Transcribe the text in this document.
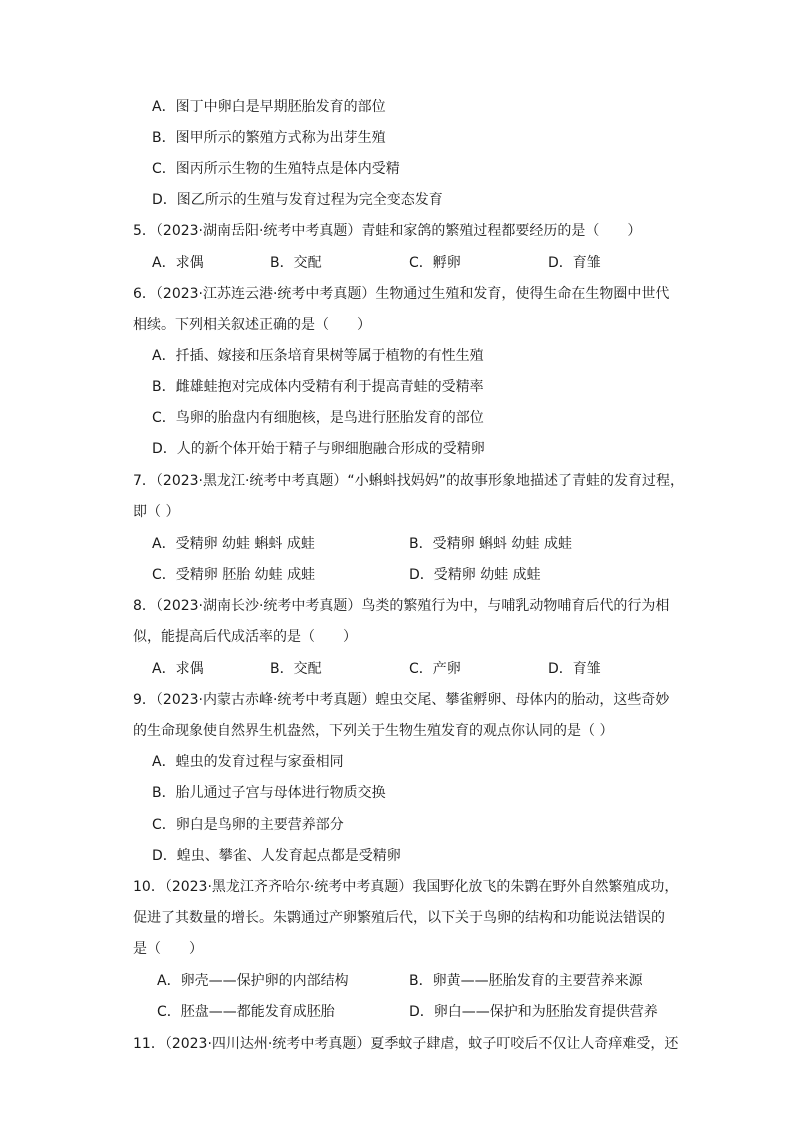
A．图丁中卵白是早期胚胎发育的部位
B．图甲所示的繁殖方式称为出芽生殖
C．图丙所示生物的生殖特点是体内受精
D．图乙所示的生殖与发育过程为完全变态发育
5．（2023·湖南岳阳·统考中考真题）青蛙和家鸽的繁殖过程都要经历的是（　　）
A．求偶	B．交配	C．孵卵	D．育雏
6．（2023·江苏连云港·统考中考真题）生物通过生殖和发育，使得生命在生物圈中世代
相续。下列相关叙述正确的是（　　）
A．扦插、嫁接和压条培育果树等属于植物的有性生殖
B．雌雄蛙抱对完成体内受精有利于提高青蛙的受精率
C．鸟卵的胎盘内有细胞核，是鸟进行胚胎发育的部位
D．人的新个体开始于精子与卵细胞融合形成的受精卵
7．（2023·黑龙江·统考中考真题）“小蝌蚪找妈妈”的故事形象地描述了青蛙的发育过程，
即（ ）
A．受精卵 幼蛙 蝌蚪 成蛙	B．受精卵 蝌蚪 幼蛙 成蛙
C．受精卵 胚胎 幼蛙 成蛙	D．受精卵 幼蛙 成蛙
8．（2023·湖南长沙·统考中考真题）鸟类的繁殖行为中，与哺乳动物哺育后代的行为相
似，能提高后代成活率的是（　　）
A．求偶	B．交配	C．产卵	D．育雏
9．（2023·内蒙古赤峰·统考中考真题）蝗虫交尾、攀雀孵卵、母体内的胎动，这些奇妙
的生命现象使自然界生机盎然，下列关于生物生殖发育的观点你认同的是（ ）
A．蝗虫的发育过程与家蚕相同
B．胎儿通过子宫与母体进行物质交换
C．卵白是鸟卵的主要营养部分
D．蝗虫、攀雀、人发育起点都是受精卵
10．（2023·黑龙江齐齐哈尔·统考中考真题）我国野化放飞的朱鹮在野外自然繁殖成功，
促进了其数量的增长。朱鹮通过产卵繁殖后代，以下关于鸟卵的结构和功能说法错误的
是（　　）
A．卵壳——保护卵的内部结构	B．卵黄——胚胎发育的主要营养来源
C．胚盘——都能发育成胚胎	D．卵白——保护和为胚胎发育提供营养
11．（2023·四川达州·统考中考真题）夏季蚊子肆虐，蚊子叮咬后不仅让人奇痒难受，还
